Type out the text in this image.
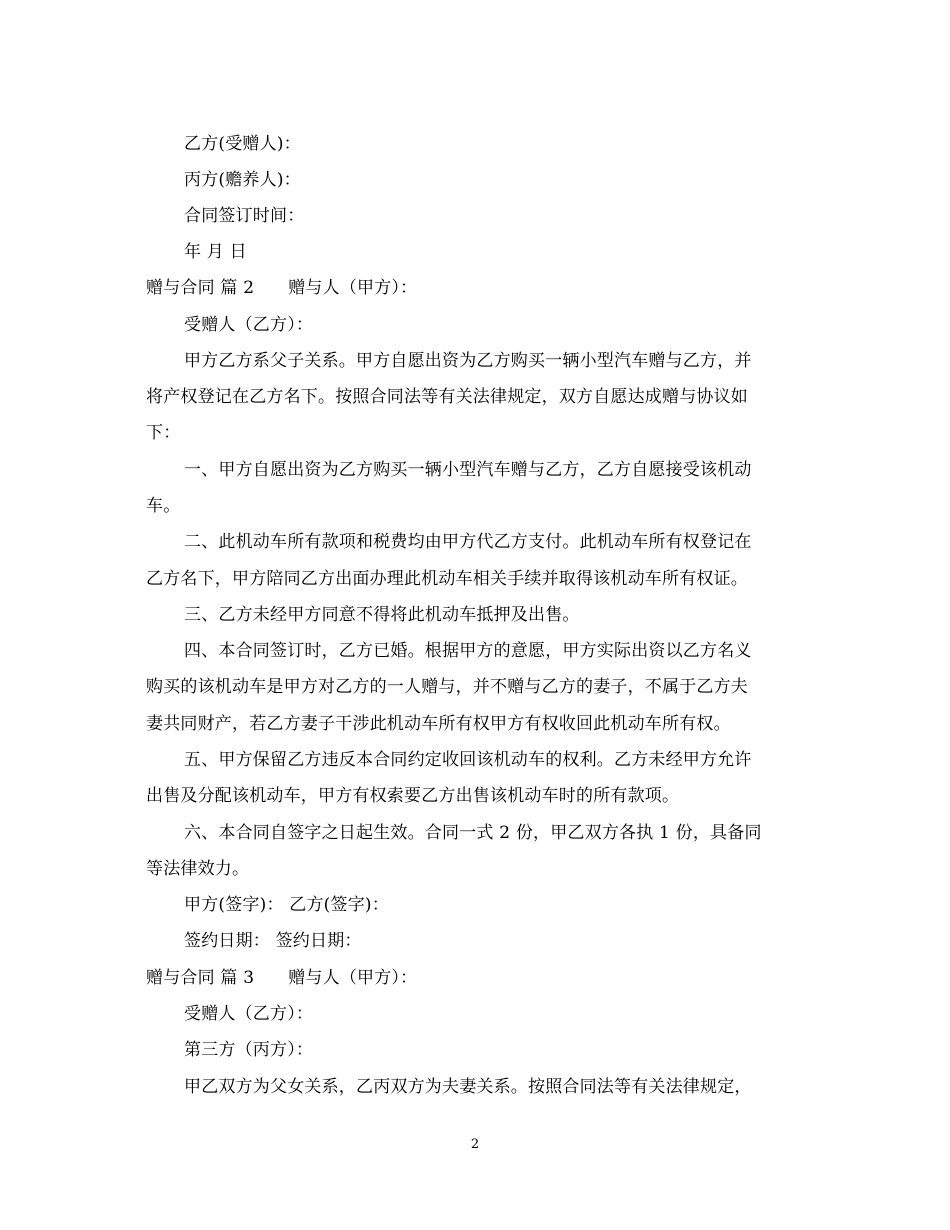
乙方(受赠人)：
丙方(赡养人)：
合同签订时间：
年 月 日
赠与合同 篇 2 赠与人（甲方）：
受赠人（乙方）：
甲方乙方系父子关系。甲方自愿出资为乙方购买一辆小型汽车赠与乙方，并
将产权登记在乙方名下。按照合同法等有关法律规定，双方自愿达成赠与协议如
下：
一、甲方自愿出资为乙方购买一辆小型汽车赠与乙方，乙方自愿接受该机动
车。
二、此机动车所有款项和税费均由甲方代乙方支付。此机动车所有权登记在
乙方名下，甲方陪同乙方出面办理此机动车相关手续并取得该机动车所有权证。
三、乙方未经甲方同意不得将此机动车抵押及出售。
四、本合同签订时，乙方已婚。根据甲方的意愿，甲方实际出资以乙方名义
购买的该机动车是甲方对乙方的一人赠与，并不赠与乙方的妻子，不属于乙方夫
妻共同财产，若乙方妻子干涉此机动车所有权甲方有权收回此机动车所有权。
五、甲方保留乙方违反本合同约定收回该机动车的权利。乙方未经甲方允许
出售及分配该机动车，甲方有权索要乙方出售该机动车时的所有款项。
六、本合同自签字之日起生效。合同一式 2 份，甲乙双方各执 1 份，具备同
等法律效力。
甲方(签字)： 乙方(签字)：
签约日期： 签约日期：
赠与合同 篇 3 赠与人（甲方）：
受赠人（乙方）：
第三方（丙方）：
甲乙双方为父女关系，乙丙双方为夫妻关系。按照合同法等有关法律规定，
2
